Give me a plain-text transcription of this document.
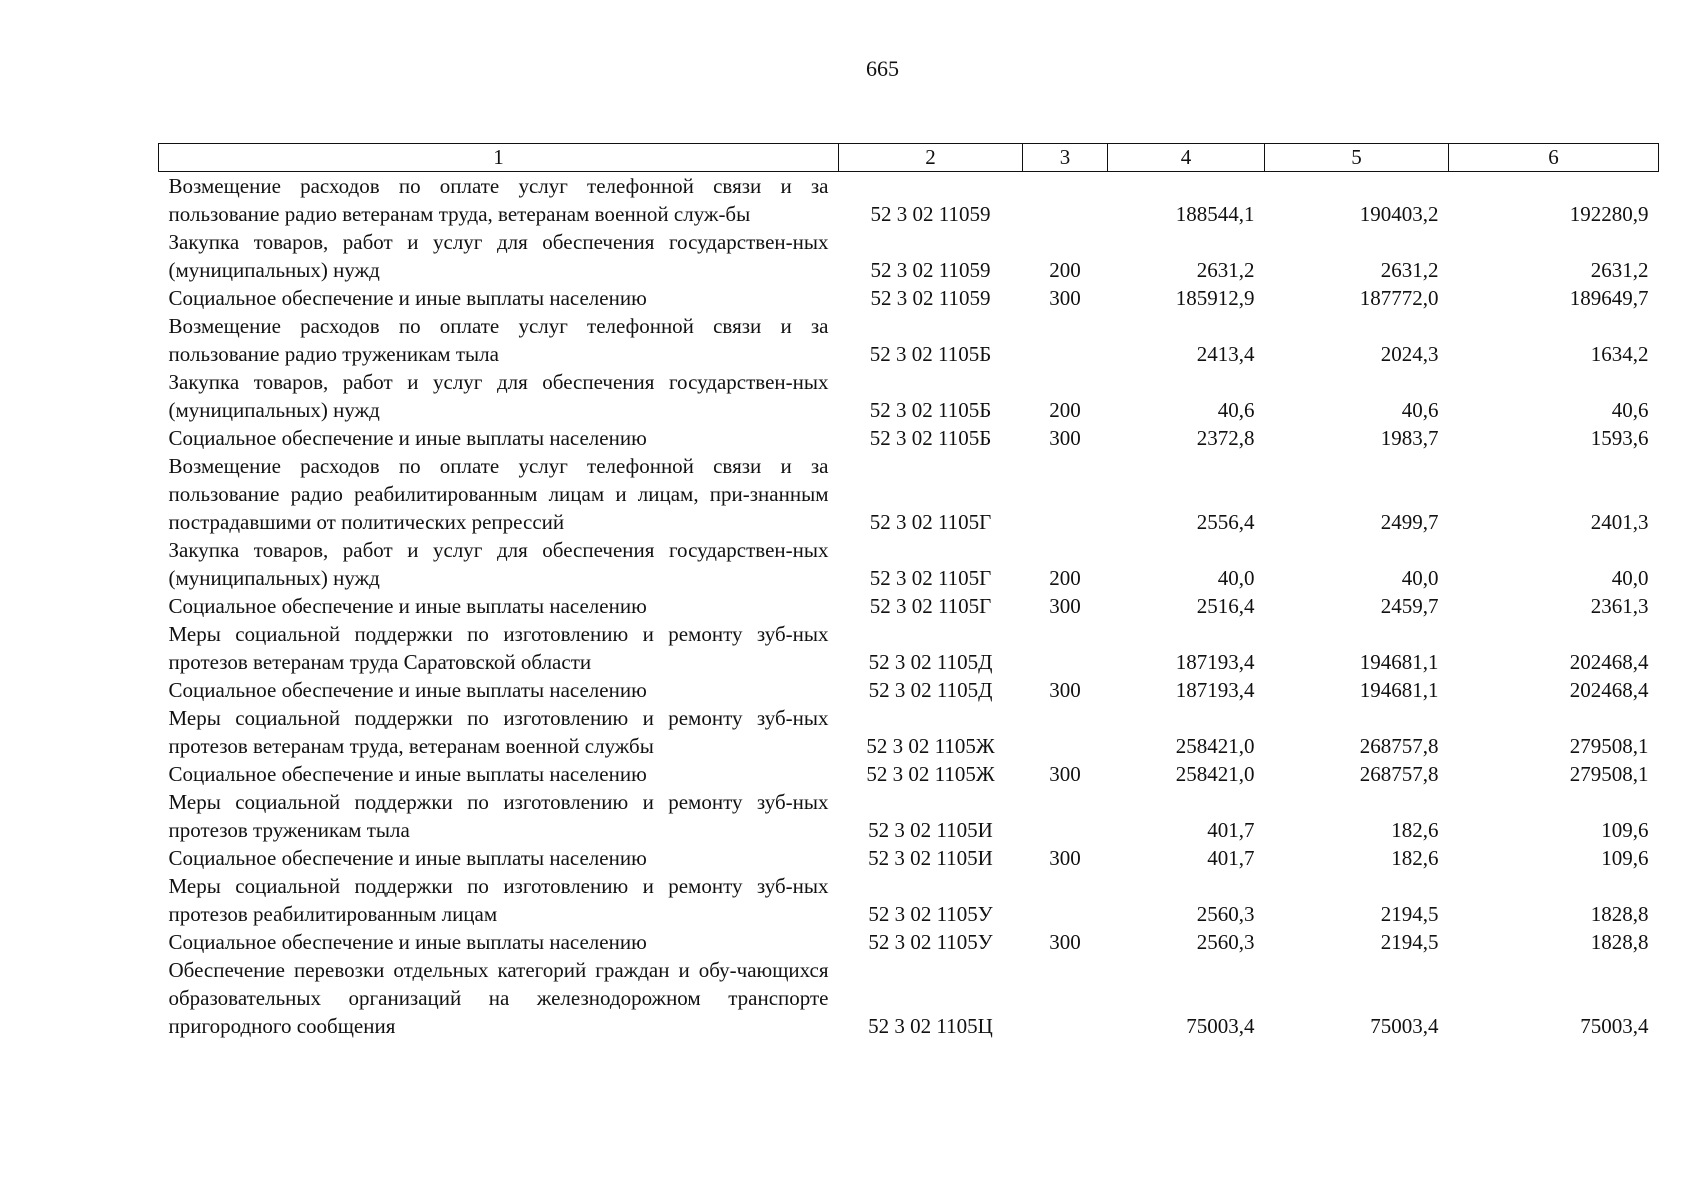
665
1	2	3	4	5	6
Возмещение расходов по оплате услуг телефонной связи и за пользование радио ветеранам труда, ветеранам военной служ-бы	52 3 02 11059		188544,1	190403,2	192280,9
Закупка товаров, работ и услуг для обеспечения государствен-ных (муниципальных) нужд	52 3 02 11059	200	2631,2	2631,2	2631,2
Социальное обеспечение и иные выплаты населению	52 3 02 11059	300	185912,9	187772,0	189649,7
Возмещение расходов по оплате услуг телефонной связи и за пользование радио труженикам тыла	52 3 02 1105Б		2413,4	2024,3	1634,2
Закупка товаров, работ и услуг для обеспечения государствен-ных (муниципальных) нужд	52 3 02 1105Б	200	40,6	40,6	40,6
Социальное обеспечение и иные выплаты населению	52 3 02 1105Б	300	2372,8	1983,7	1593,6
Возмещение расходов по оплате услуг телефонной связи и за пользование радио реабилитированным лицам и лицам, при-знанным пострадавшими от политических репрессий	52 3 02 1105Г		2556,4	2499,7	2401,3
Закупка товаров, работ и услуг для обеспечения государствен-ных (муниципальных) нужд	52 3 02 1105Г	200	40,0	40,0	40,0
Социальное обеспечение и иные выплаты населению	52 3 02 1105Г	300	2516,4	2459,7	2361,3
Меры социальной поддержки по изготовлению и ремонту зуб-ных протезов ветеранам труда Саратовской области	52 3 02 1105Д		187193,4	194681,1	202468,4
Социальное обеспечение и иные выплаты населению	52 3 02 1105Д	300	187193,4	194681,1	202468,4
Меры социальной поддержки по изготовлению и ремонту зуб-ных протезов ветеранам труда, ветеранам военной службы	52 3 02 1105Ж		258421,0	268757,8	279508,1
Социальное обеспечение и иные выплаты населению	52 3 02 1105Ж	300	258421,0	268757,8	279508,1
Меры социальной поддержки по изготовлению и ремонту зуб-ных протезов труженикам тыла	52 3 02 1105И		401,7	182,6	109,6
Социальное обеспечение и иные выплаты населению	52 3 02 1105И	300	401,7	182,6	109,6
Меры социальной поддержки по изготовлению и ремонту зуб-ных протезов реабилитированным лицам	52 3 02 1105У		2560,3	2194,5	1828,8
Социальное обеспечение и иные выплаты населению	52 3 02 1105У	300	2560,3	2194,5	1828,8
Обеспечение перевозки отдельных категорий граждан и обу-чающихся образовательных организаций на железнодорожном транспорте пригородного сообщения	52 3 02 1105Ц		75003,4	75003,4	75003,4
